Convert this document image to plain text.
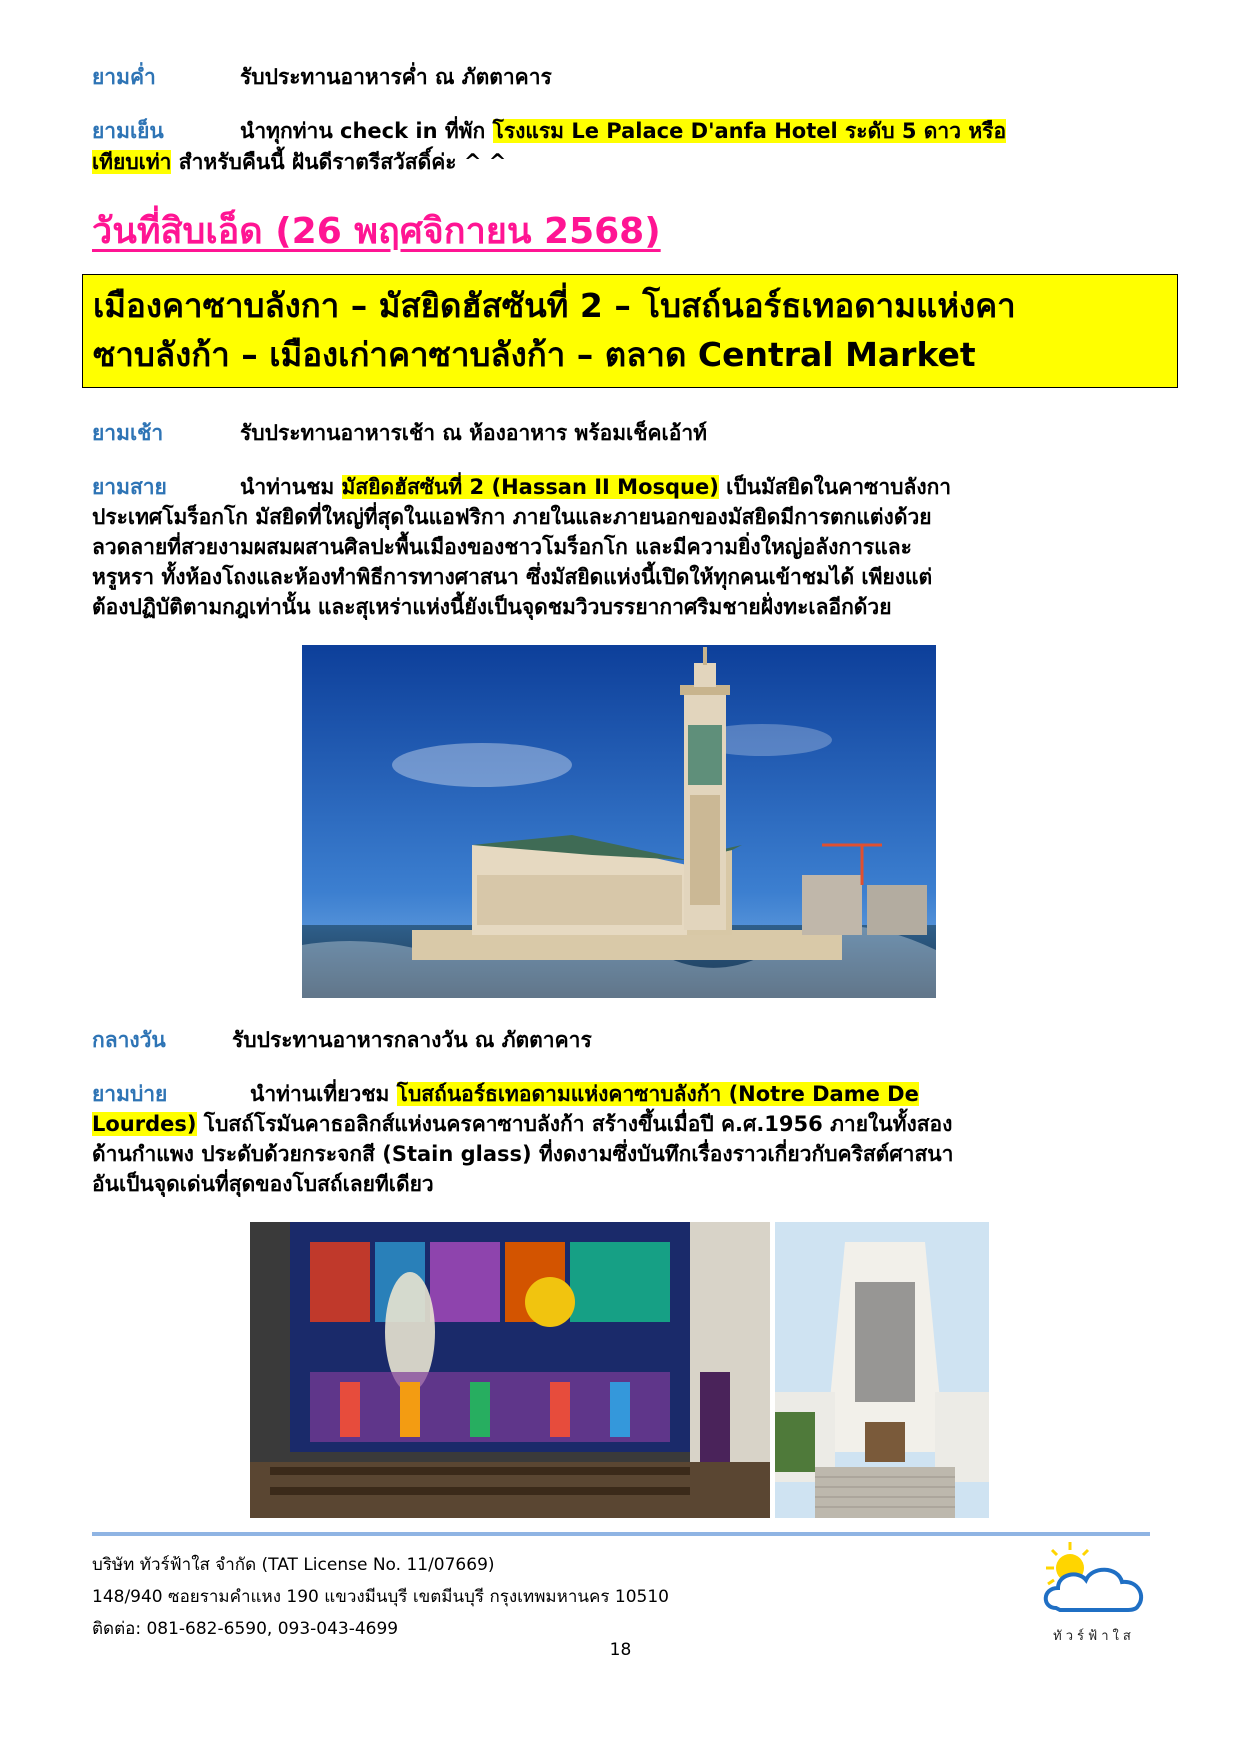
ยามค่ำ	รับประทานอาหารค่ำ ณ ภัตตาคาร
ยามเย็น	นำทุกท่าน check in ที่พัก โรงแรม Le Palace D'anfa Hotel ระดับ 5 ดาว หรือ
เทียบเท่า สำหรับคืนนี้ ฝันดีราตรีสวัสดิ์ค่ะ ^ ^
วันที่สิบเอ็ด (26 พฤศจิกายน 2568)
เมืองคาซาบลังกา – มัสยิดฮัสซันที่ 2 – โบสถ์นอร์ธเทอดามแห่งคา
ซาบลังก้า – เมืองเก่าคาซาบลังก้า – ตลาด Central Market
ยามเช้า	รับประทานอาหารเช้า ณ ห้องอาหาร พร้อมเช็คเอ้าท์
ยามสาย	นำท่านชม มัสยิดฮัสซันที่ 2 (Hassan II Mosque) เป็นมัสยิดในคาซาบลังกา
ประเทศโมร็อกโก มัสยิดที่ใหญ่ที่สุดในแอฟริกา ภายในและภายนอกของมัสยิดมีการตกแต่งด้วย
ลวดลายที่สวยงามผสมผสานศิลปะพื้นเมืองของชาวโมร็อกโก และมีความยิ่งใหญ่อลังการและ
หรูหรา ทั้งห้องโถงและห้องทำพิธีการทางศาสนา ซึ่งมัสยิดแห่งนี้เปิดให้ทุกคนเข้าชมได้ เพียงแต่
ต้องปฏิบัติตามกฎเท่านั้น และสุเหร่าแห่งนี้ยังเป็นจุดชมวิวบรรยากาศริมชายฝั่งทะเลอีกด้วย
กลางวัน	รับประทานอาหารกลางวัน ณ ภัตตาคาร
ยามบ่าย	นำท่านเที่ยวชม โบสถ์นอร์ธเทอดามแห่งคาซาบลังก้า (Notre Dame De
Lourdes) โบสถ์โรมันคาธอลิกส์แห่งนครคาซาบลังก้า สร้างขึ้นเมื่อปี ค.ศ.1956 ภายในทั้งสอง
ด้านกำแพง ประดับด้วยกระจกสี (Stain glass) ที่งดงามซึ่งบันทึกเรื่องราวเกี่ยวกับคริสต์ศาสนา
อันเป็นจุดเด่นที่สุดของโบสถ์เลยทีเดียว
บริษัท ทัวร์ฟ้าใส จำกัด (TAT License No. 11/07669)
148/940 ซอยรามคำแหง 190 แขวงมีนบุรี เขตมีนบุรี กรุงเทพมหานคร 10510
ติดต่อ: 081-682-6590, 093-043-4699	ทัวร์ฟ้าใส
18
